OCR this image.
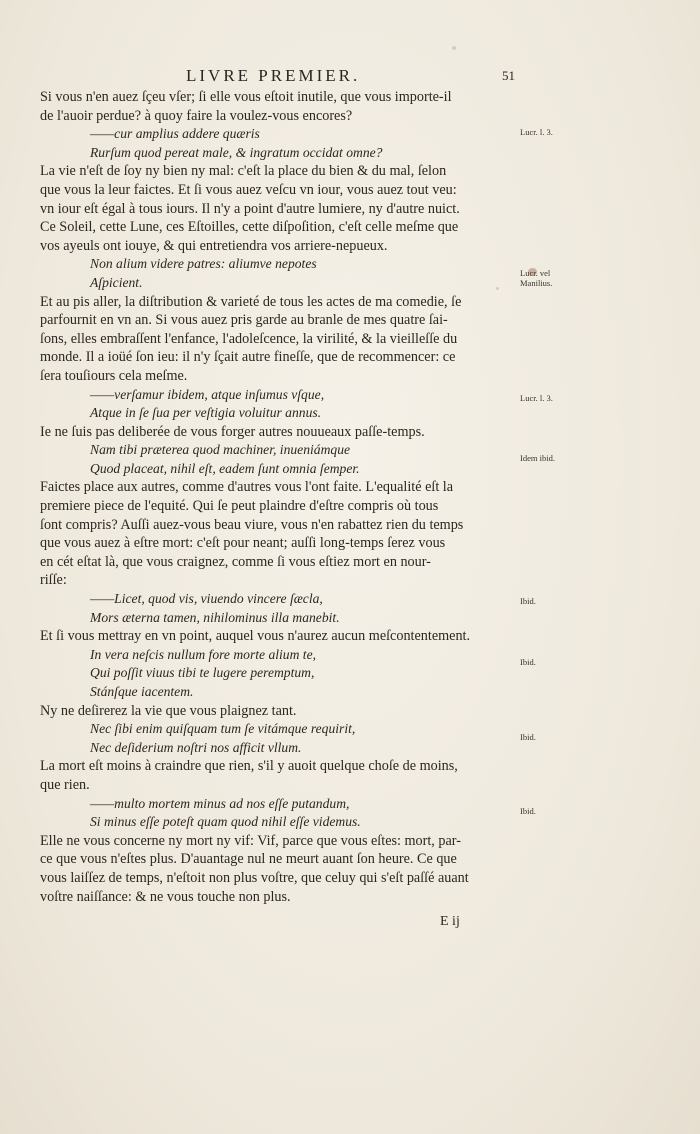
LIVRE PREMIER.	51
Si vous n'en auez ſçeu vſer; ſi elle vous eſtoit inutile, que vous importe-il
de l'auoir perdue? à quoy faire la voulez-vous encores?
——cur amplius addere quæris
Rurſum quod pereat male, & ingratum occidat omne?
La vie n'eſt de ſoy ny bien ny mal: c'eſt la place du bien & du mal, ſelon
que vous la leur faictes. Et ſi vous auez veſcu vn iour, vous auez tout veu:
vn iour eſt égal à tous iours. Il n'y a point d'autre lumiere, ny d'autre nuict.
Ce Soleil, cette Lune, ces Eſtoilles, cette diſpoſition, c'eſt celle meſme que
vos ayeuls ont iouye, & qui entretiendra vos arriere-nepueux.
Non alium videre patres: aliumve nepotes
Aſpicient.
Et au pis aller, la diſtribution & varieté de tous les actes de ma comedie, ſe
parfournit en vn an. Si vous auez pris garde au branle de mes quatre ſai-
ſons, elles embraſſent l'enfance, l'adoleſcence, la virilité, & la vieilleſſe du
monde. Il a ioüé ſon ieu: il n'y ſçait autre fineſſe, que de recommencer: ce
ſera touſiours cela meſme.
——verſamur ibidem, atque inſumus vſque,
Atque in ſe ſua per veſtigia voluitur annus.
Ie ne ſuis pas deliberée de vous forger autres nouueaux paſſe-temps.
Nam tibi præterea quod machiner, inueniámque
Quod placeat, nihil eſt, eadem ſunt omnia ſemper.
Faictes place aux autres, comme d'autres vous l'ont faite. L'equalité eſt la
premiere piece de l'equité. Qui ſe peut plaindre d'eſtre compris où tous
ſont compris? Auſſi auez-vous beau viure, vous n'en rabattez rien du temps
que vous auez à eſtre mort: c'eſt pour neant; auſſi long-temps ſerez vous
en cét eſtat là, que vous craignez, comme ſi vous eſtiez mort en nour-
riſſe:
——Licet, quod vis, viuendo vincere ſæcla,
Mors æterna tamen, nihilominus illa manebit.
Et ſi vous mettray en vn point, auquel vous n'aurez aucun meſcontentement.
In vera neſcis nullum fore morte alium te,
Qui poſſit viuus tibi te lugere peremptum,
Stánſque iacentem.
Ny ne deſirerez la vie que vous plaignez tant.
Nec ſibi enim quiſquam tum ſe vitámque requirit,
Nec deſiderium noſtri nos afficit vllum.
La mort eſt moins à craindre que rien, s'il y auoit quelque choſe de moins,
que rien.
——multo mortem minus ad nos eſſe putandum,
Si minus eſſe poteſt quam quod nihil eſſe videmus.
Elle ne vous concerne ny mort ny vif: Vif, parce que vous eſtes: mort, par-
ce que vous n'eſtes plus. D'auantage nul ne meurt auant ſon heure. Ce que
vous laiſſez de temps, n'eſtoit non plus voſtre, que celuy qui s'eſt paſſé auant
voſtre naiſſance: & ne vous touche non plus.
Lucr. l. 3.
Lucr. vel Manilius.
Lucr. l. 3.
Idem ibid.
Ibid.
Ibid.
Ibid.
Ibid.
E ij
